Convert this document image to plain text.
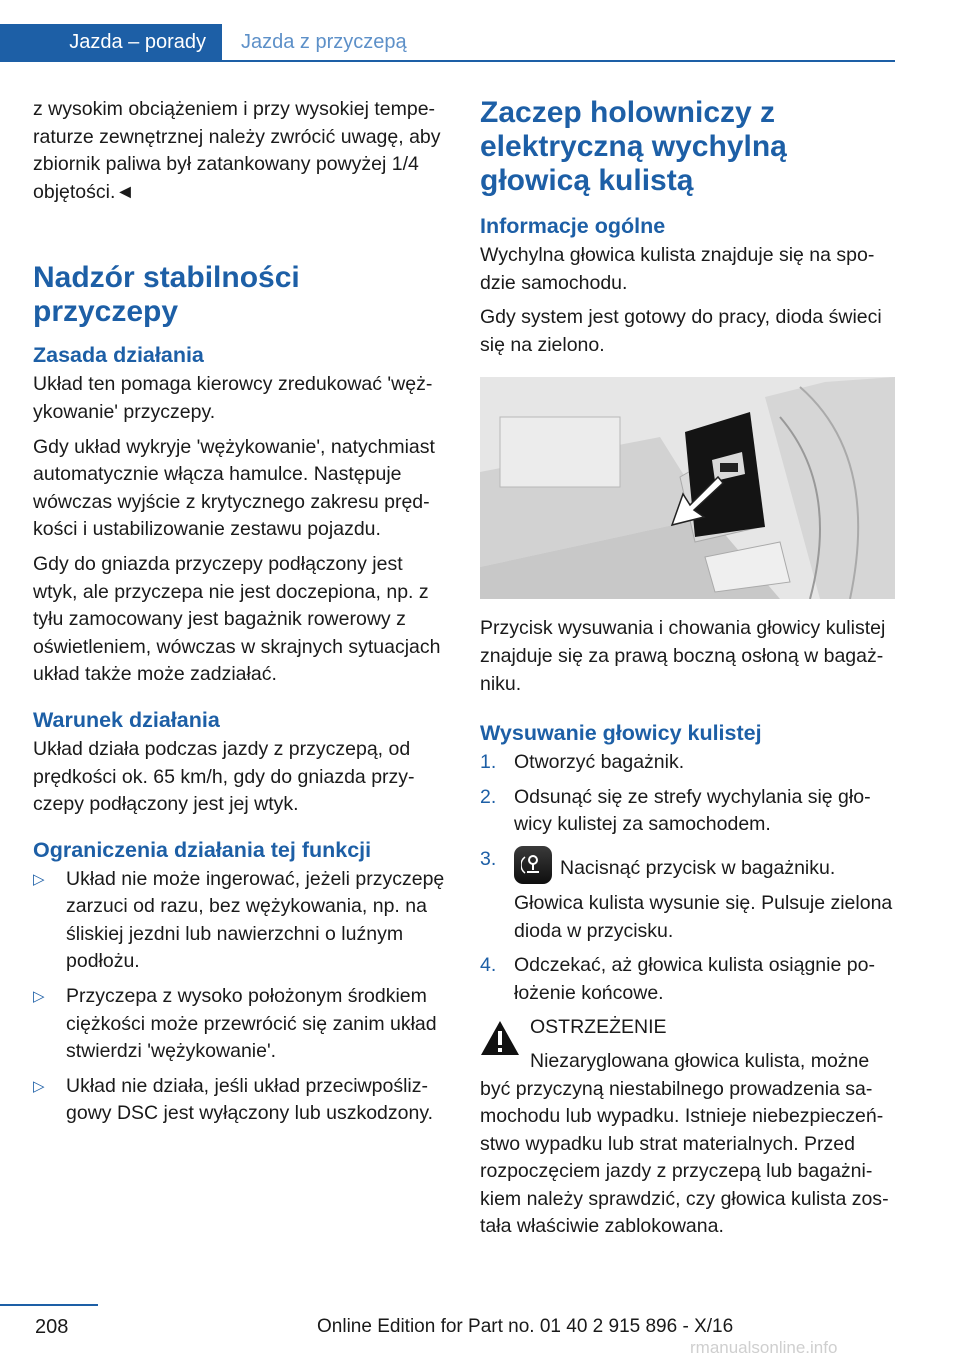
Jazda – porady	Jazda z przyczepą

z wysokim obciążeniem i przy wysokiej temperaturze zewnętrznej należy zwrócić uwagę, aby zbiornik paliwa był zatankowany powyżej 1/4 objętości.◄

Nadzór stabilności przyczepy
Zasada działania

Układ ten pomaga kierowcy zredukować 'wężykowanie' przyczepy.

Gdy układ wykryje 'wężykowanie', natychmiast automatycznie włącza hamulce. Następuje wówczas wyjście z krytycznego zakresu prędkości i ustabilizowanie zestawu pojazdu.

Gdy do gniazda przyczepy podłączony jest wtyk, ale przyczepa nie jest doczepiona, np. z tyłu zamocowany jest bagażnik rowerowy z oświetleniem, wówczas w skrajnych sytuacjach układ także może zadziałać.

Warunek działania

Układ działa podczas jazdy z przyczepą, od prędkości ok. 65 km/h, gdy do gniazda przyczepy podłączony jest jej wtyk.

Ograniczenia działania tej funkcji
▷ Układ nie może ingerować, jeżeli przyczepę zarzuci od razu, bez wężykowania, np. na śliskiej jezdni lub nawierzchni o luźnym podłożu.
▷ Przyczepa z wysoko położonym środkiem ciężkości może przewrócić się zanim układ stwierdzi 'wężykowanie'.
▷ Układ nie działa, jeśli układ przeciwpoślizgowy DSC jest wyłączony lub uszkodzony.
Zaczep holowniczy z elektryczną wychylną głowicą kulistą
Informacje ogólne

Wychylna głowica kulista znajduje się na spodzie samochodu.

Gdy system jest gotowy do pracy, dioda świeci się na zielono.

Przycisk wysuwania i chowania głowicy kulistej znajduje się za prawą boczną osłoną w bagażniku.

Wysuwanie głowicy kulistej
1. Otworzyć bagażnik.
2. Odsunąć się ze strefy wychylania się głowicy kulistej za samochodem.
3.	Nacisnąć przycisk w bagażniku.
Głowica kulista wysunie się. Pulsuje zielona dioda w przycisku.
4. Odczekać, aż głowica kulista osiągnie położenie końcowe.
OSTRZEŻENIE
Niezaryglowana głowica kulista, możne

być przyczyną niestabilnego prowadzenia samochodu lub wypadku. Istnieje niebezpieczeństwo wypadku lub strat materialnych. Przed rozpoczęciem jazdy z przyczepą lub bagażnikiem należy sprawdzić, czy głowica kulista została właściwie zablokowana.

208	Online Edition for Part no. 01 40 2 915 896 - X/16
rmanualsonline.info
